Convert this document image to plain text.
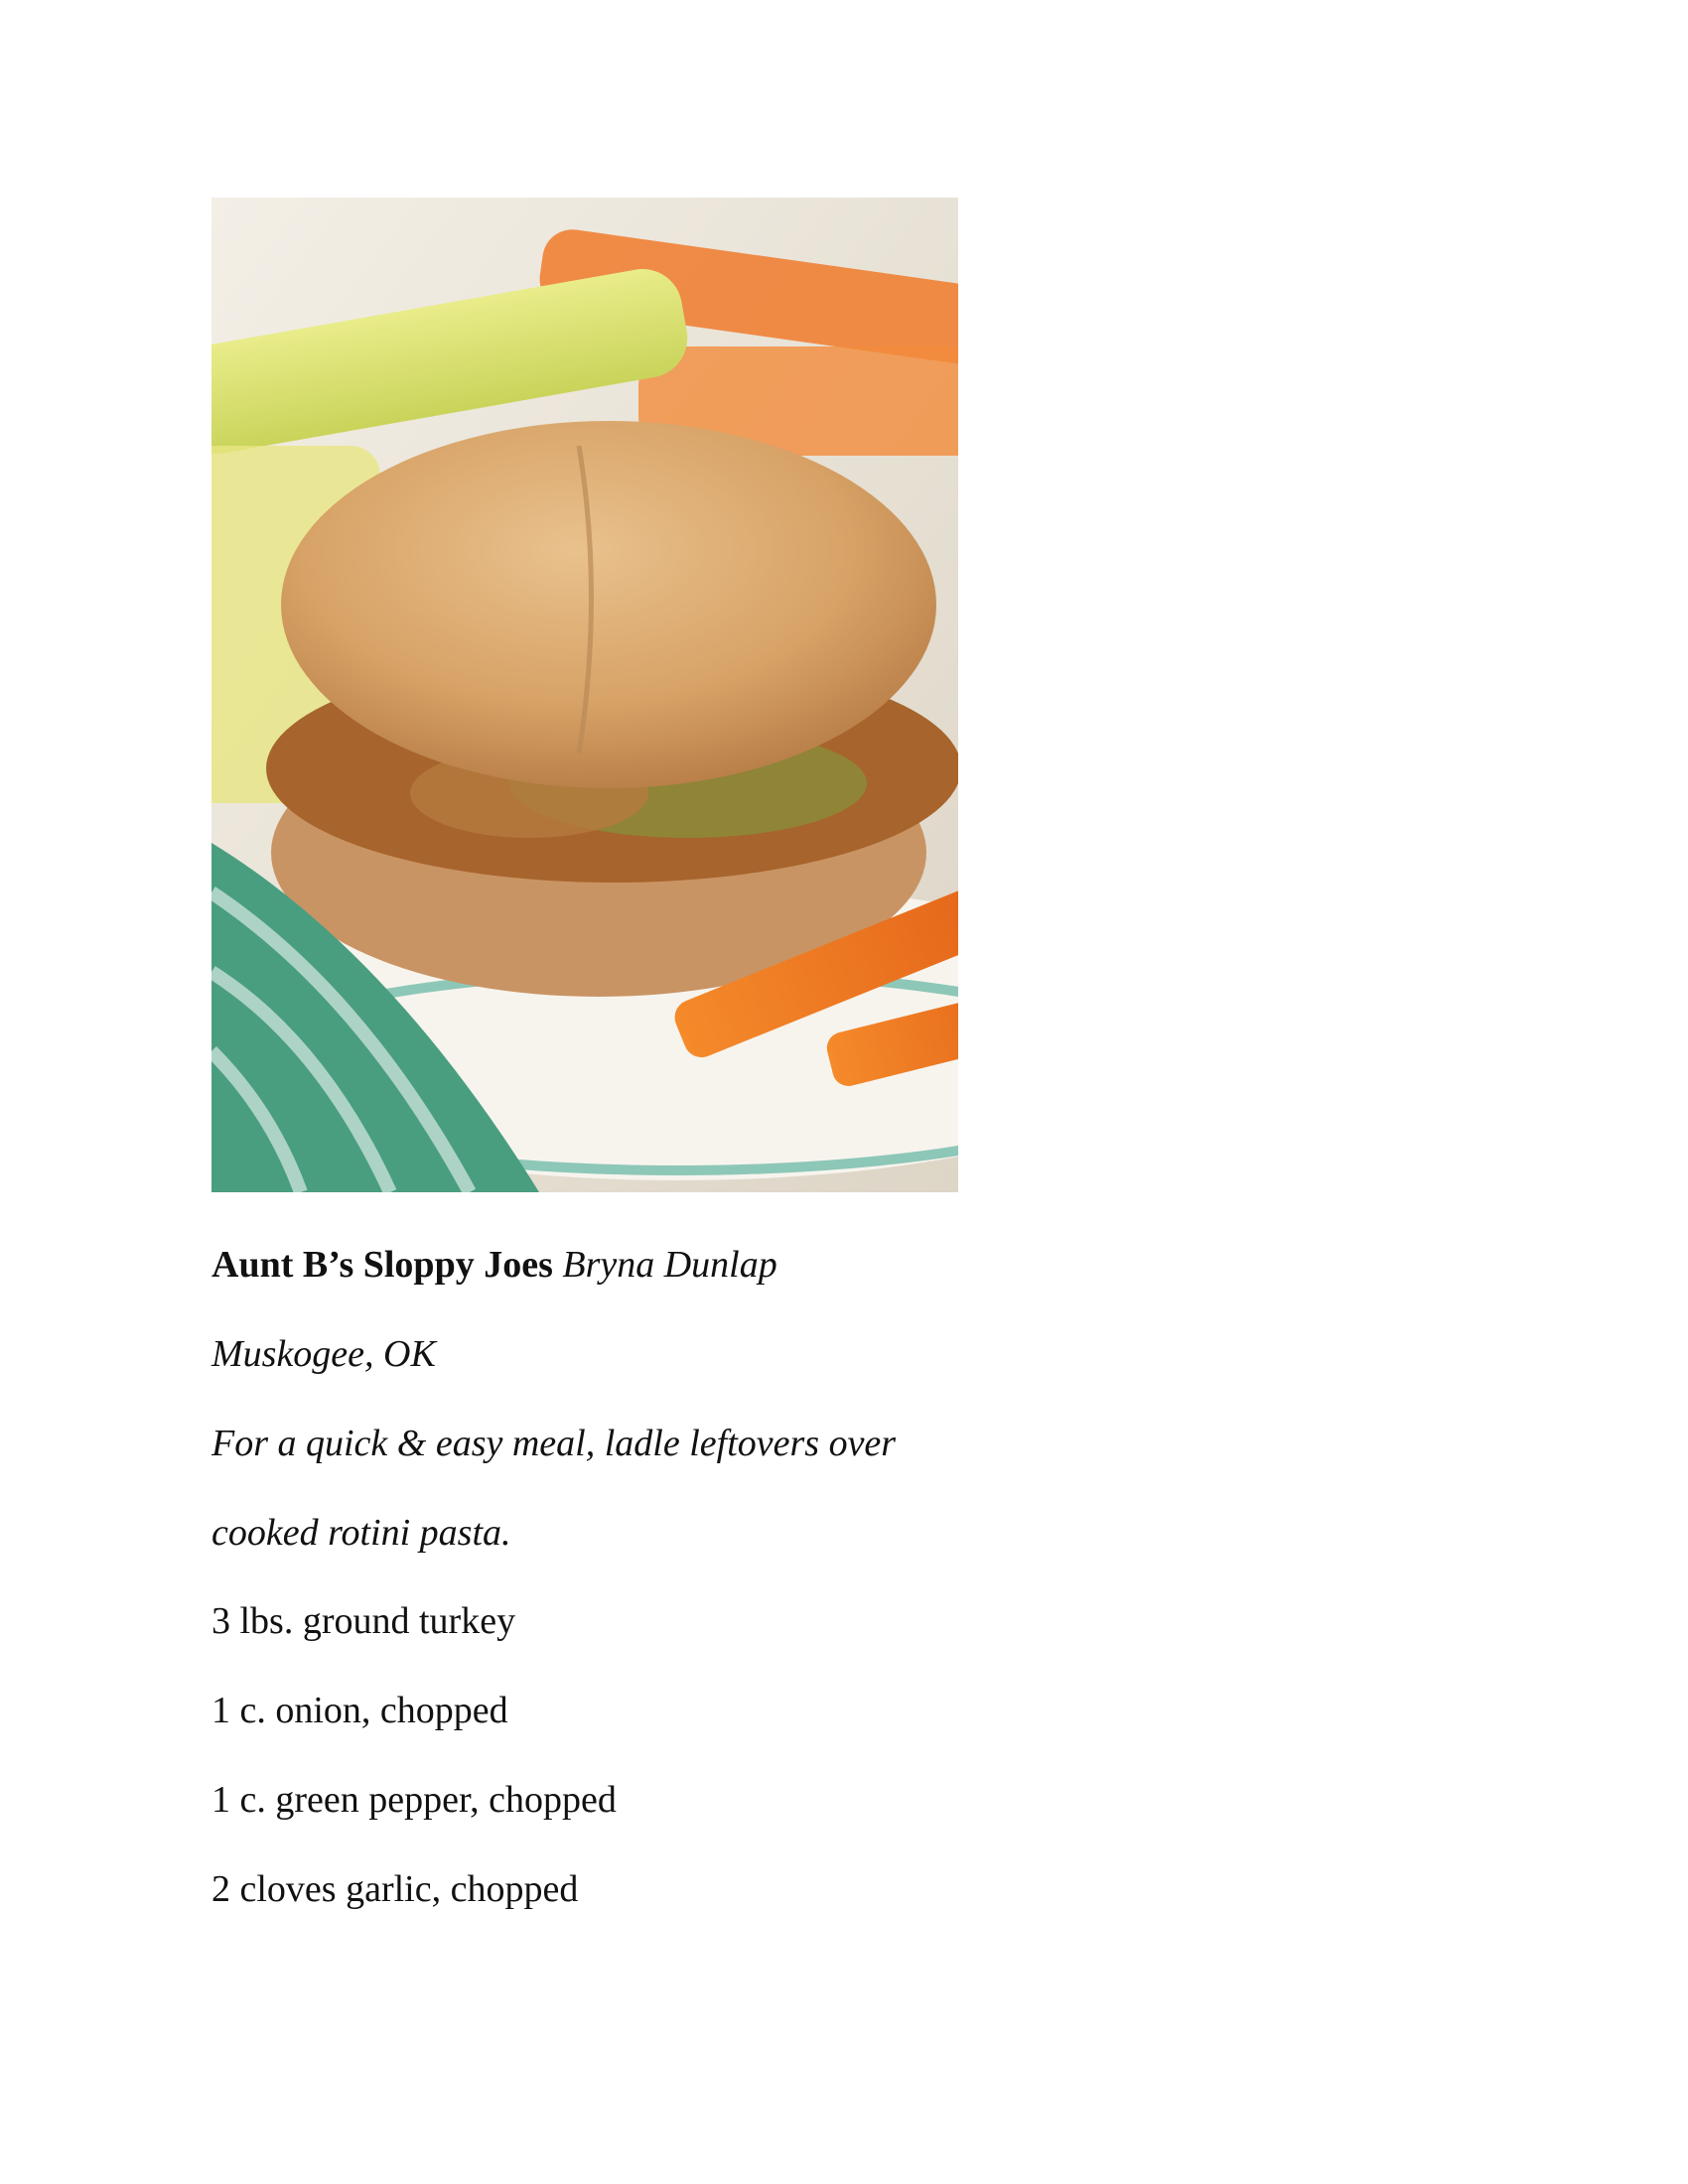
Aunt B’s Sloppy Joes Bryna Dunlap
Muskogee, OK
For a quick & easy meal, ladle leftovers over
cooked rotini pasta.
3 lbs. ground turkey
1 c. onion, chopped
1 c. green pepper, chopped
2 cloves garlic, chopped
